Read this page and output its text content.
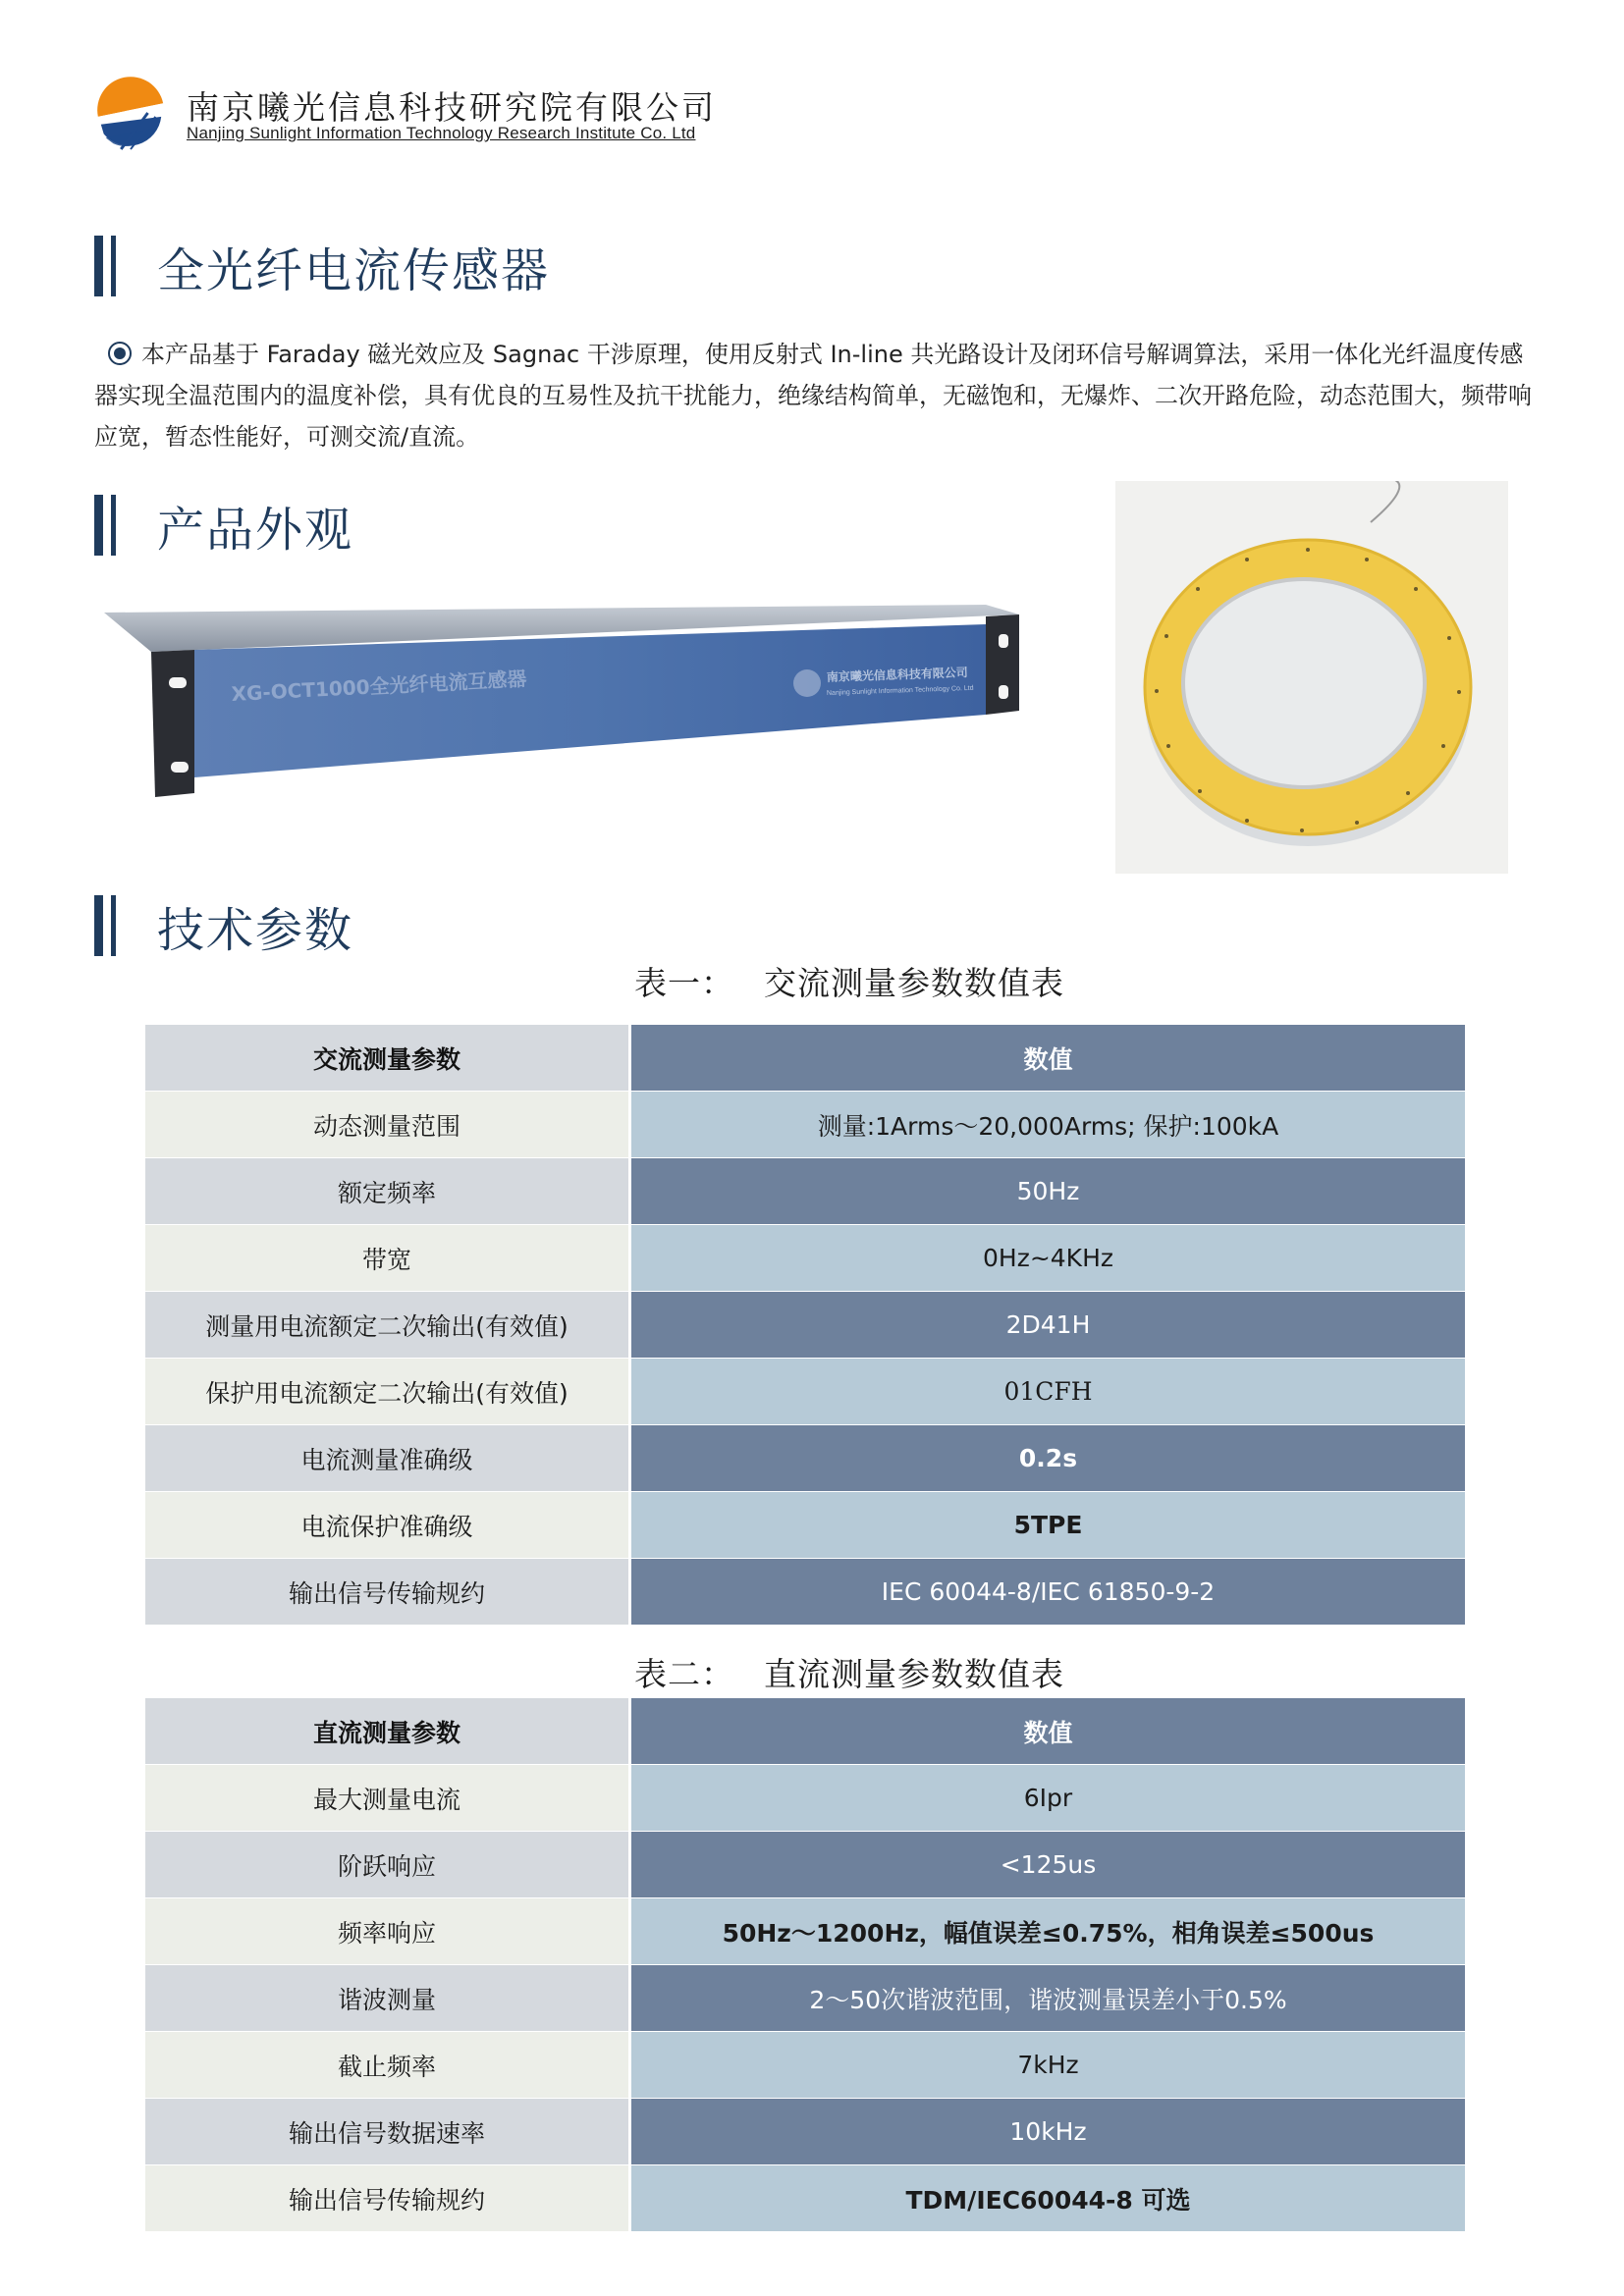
南京曦光信息科技研究院有限公司
Nanjing Sunlight Information Technology Research Institute Co. Ltd
全光纤电流传感器

本产品基于 Faraday 磁光效应及 Sagnac 干涉原理，使用反射式 In-line 共光路设计及闭环信号解调算法，采用一体化光纤温度传感器实现全温范围内的温度补偿，具有优良的互易性及抗干扰能力，绝缘结构简单，无磁饱和，无爆炸、二次开路危险，动态范围大，频带响应宽，暂态性能好，可测交流/直流。

产品外观
XG-OCT1000全光纤电流互感器	南京曦光信息科技有限公司
Nanjing Sunlight Information Technology Co. Ltd
技术参数
表一： 交流测量参数数值表
交流测量参数	数值
动态测量范围	测量:1Arms～20,000Arms; 保护:100kA
额定频率	50Hz
带宽	0Hz~4KHz
测量用电流额定二次输出(有效值)	2D41H
保护用电流额定二次输出(有效值)	01CFH
电流测量准确级	0.2s
电流保护准确级	5TPE
输出信号传输规约	IEC 60044-8/IEC 61850-9-2
表二： 直流测量参数数值表
直流测量参数	数值
最大测量电流	6Ipr
阶跃响应	<125us
频率响应	50Hz～1200Hz，幅值误差≤0.75%，相角误差≤500us
谐波测量	2～50次谐波范围，谐波测量误差小于0.5%
截止频率	7kHz
输出信号数据速率	10kHz
输出信号传输规约	TDM/IEC60044-8 可选
